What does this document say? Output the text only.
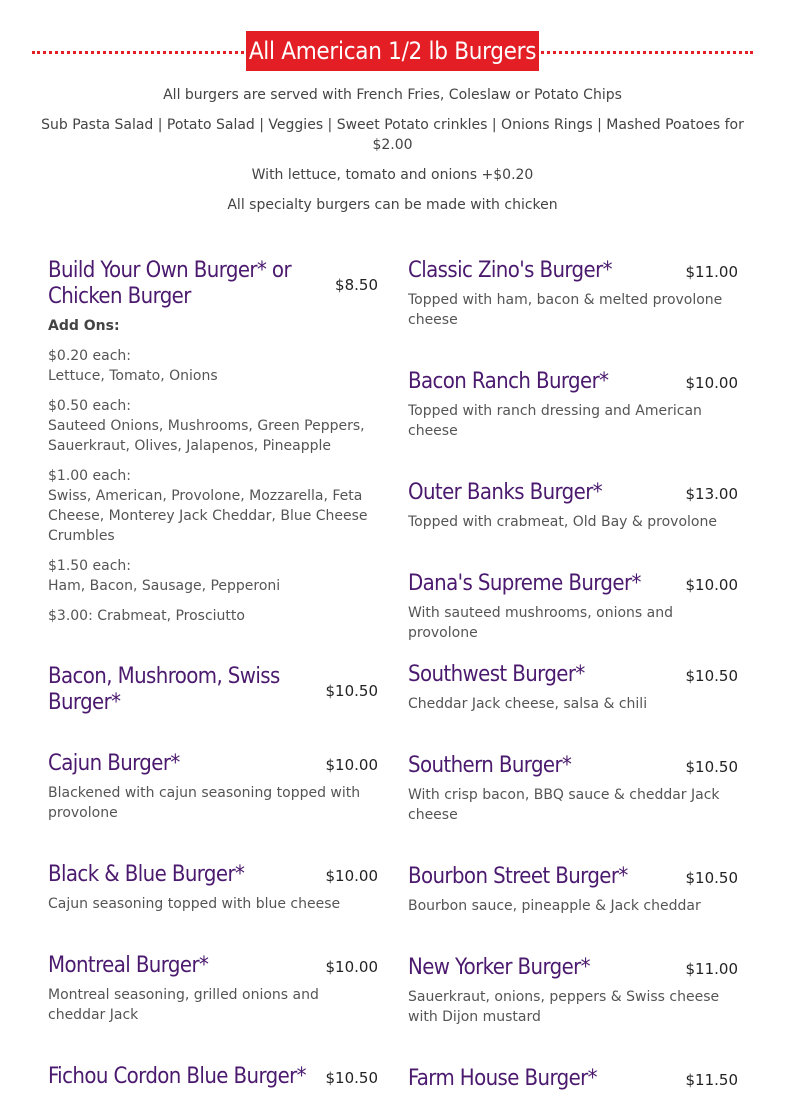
All American 1/2 lb Burgers
All burgers are served with French Fries, Coleslaw or Potato Chips
Sub Pasta Salad | Potato Salad | Veggies | Sweet Potato crinkles | Onions Rings | Mashed Poatoes for $2.00
With lettuce, tomato and onions +$0.20
All specialty burgers can be made with chicken
Build Your Own Burger* or Chicken Burger	$8.50
Add Ons:
$0.20 each:
Lettuce, Tomato, Onions
$0.50 each:
Sauteed Onions, Mushrooms, Green Peppers, Sauerkraut, Olives, Jalapenos, Pineapple
$1.00 each:
Swiss, American, Provolone, Mozzarella, Feta Cheese, Monterey Jack Cheddar, Blue Cheese Crumbles
$1.50 each:
Ham, Bacon, Sausage, Pepperoni
$3.00: Crabmeat, Prosciutto
Bacon, Mushroom, Swiss Burger*	$10.50
Cajun Burger*	$10.00
Blackened with cajun seasoning topped with provolone
Black & Blue Burger*	$10.00
Cajun seasoning topped with blue cheese
Montreal Burger*	$10.00
Montreal seasoning, grilled onions and cheddar Jack
Fichou Cordon Blue Burger* $10.50
Classic Zino's Burger*	$11.00
Topped with ham, bacon & melted provolone cheese
Bacon Ranch Burger*	$10.00
Topped with ranch dressing and American cheese
Outer Banks Burger*	$13.00
Topped with crabmeat, Old Bay & provolone
Dana's Supreme Burger*	$10.00
With sauteed mushrooms, onions and provolone
Southwest Burger*	$10.50
Cheddar Jack cheese, salsa & chili
Southern Burger*	$10.50
With crisp bacon, BBQ sauce & cheddar Jack cheese
Bourbon Street Burger*	$10.50
Bourbon sauce, pineapple & Jack cheddar
New Yorker Burger*	$11.00
Sauerkraut, onions, peppers & Swiss cheese with Dijon mustard
Farm House Burger*	$11.50
